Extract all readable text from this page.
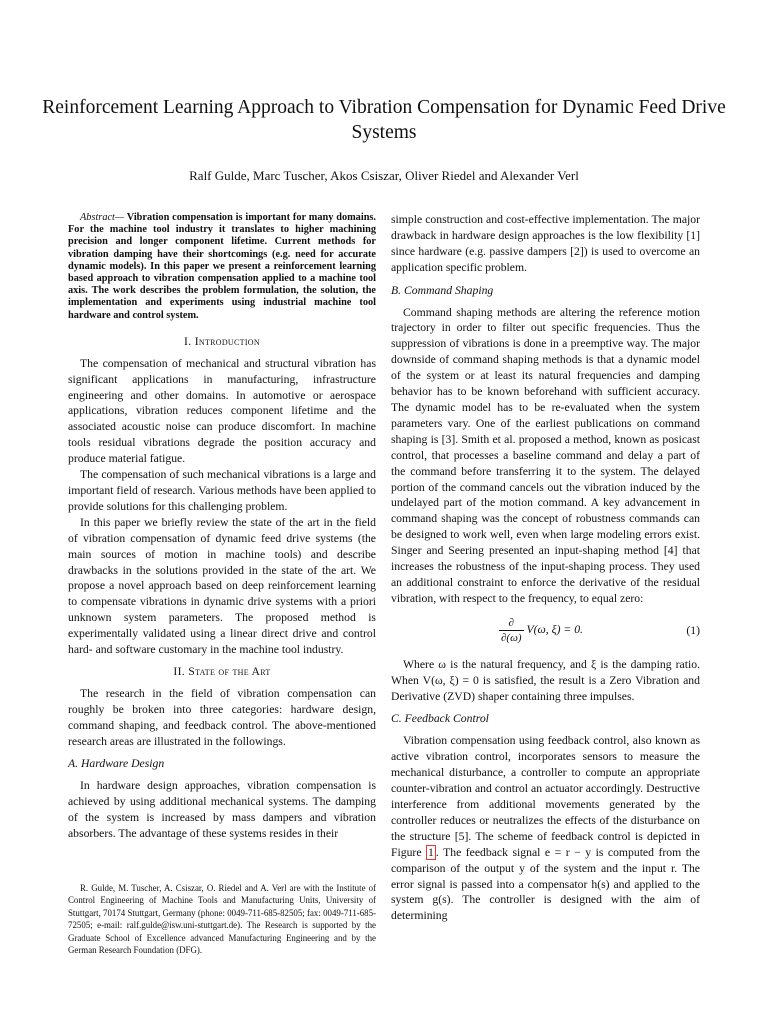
Reinforcement Learning Approach to Vibration Compensation for Dynamic Feed Drive Systems
Ralf Gulde, Marc Tuscher, Akos Csiszar, Oliver Riedel and Alexander Verl

Abstract— Vibration compensation is important for many domains. For the machine tool industry it translates to higher machining precision and longer component lifetime. Current methods for vibration damping have their shortcomings (e.g. need for accurate dynamic models). In this paper we present a reinforcement learning based approach to vibration compensation applied to a machine tool axis. The work describes the problem formulation, the solution, the implementation and experiments using industrial machine tool hardware and control system.

I. Introduction

The compensation of mechanical and structural vibration has significant applications in manufacturing, infrastructure engineering and other domains. In automotive or aerospace applications, vibration reduces component lifetime and the associated acoustic noise can produce discomfort. In machine tools residual vibrations degrade the position accuracy and produce material fatigue.

The compensation of such mechanical vibrations is a large and important field of research. Various methods have been applied to provide solutions for this challenging problem.

In this paper we briefly review the state of the art in the field of vibration compensation of dynamic feed drive systems (the main sources of motion in machine tools) and describe drawbacks in the solutions provided in the state of the art. We propose a novel approach based on deep reinforcement learning to compensate vibrations in dynamic drive systems with a priori unknown system parameters. The proposed method is experimentally validated using a linear direct drive and control hard- and software customary in the machine tool industry.

II. State of the Art

The research in the field of vibration compensation can roughly be broken into three categories: hardware design, command shaping, and feedback control. The above-mentioned research areas are illustrated in the followings.

A. Hardware Design

In hardware design approaches, vibration compensation is achieved by using additional mechanical systems. The damping of the system is increased by mass dampers and vibration absorbers. The advantage of these systems resides in their

simple construction and cost-effective implementation. The major drawback in hardware design approaches is the low flexibility [1] since hardware (e.g. passive dampers [2]) is used to overcome an application specific problem.

B. Command Shaping

Command shaping methods are altering the reference motion trajectory in order to filter out specific frequencies. Thus the suppression of vibrations is done in a preemptive way. The major downside of command shaping methods is that a dynamic model of the system or at least its natural frequencies and damping behavior has to be known beforehand with sufficient accuracy. The dynamic model has to be re-evaluated when the system parameters vary. One of the earliest publications on command shaping is [3]. Smith et al. proposed a method, known as posicast control, that processes a baseline command and delay a part of the command before transferring it to the system. The delayed portion of the command cancels out the vibration induced by the undelayed part of the motion command. A key advancement in command shaping was the concept of robustness commands can be designed to work well, even when large modeling errors exist. Singer and Seering presented an input-shaping method [4] that increases the robustness of the input-shaping process. They used an additional constraint to enforce the derivative of the residual vibration, with respect to the frequency, to equal zero:

$\frac{\partial}{\partial(\omega)} V(\omega$, ξ) = 0.	(1)

Where ω is the natural frequency, and ξ is the damping ratio. When V(ω, ξ) = 0 is satisfied, the result is a Zero Vibration and Derivative (ZVD) shaper containing three impulses.

C. Feedback Control

Vibration compensation using feedback control, also known as active vibration control, incorporates sensors to measure the mechanical disturbance, a controller to compute an appropriate counter-vibration and control an actuator accordingly. Destructive interference from additional movements generated by the controller reduces or neutralizes the effects of the disturbance on the structure [5]. The scheme of feedback control is depicted in Figure 1 . The feedback signal e = r − y is computed from the comparison of the output y of the system and the input r. The error signal is passed into a compensator h(s) and applied to the system g(s). The controller is designed with the aim of determining

R. Gulde, M. Tuscher, A. Csiszar, O. Riedel and A. Verl are with the Institute of Control Engineering of Machine Tools and Manufacturing Units, University of Stuttgart, 70174 Stuttgart, Germany (phone: 0049-711-685-82505; fax: 0049-711-685-72505; e-mail: ralf.gulde@isw.uni-stuttgart.de). The Research is supported by the Graduate School of Excellence advanced Manufacturing Engineering and by the German Research Foundation (DFG).
